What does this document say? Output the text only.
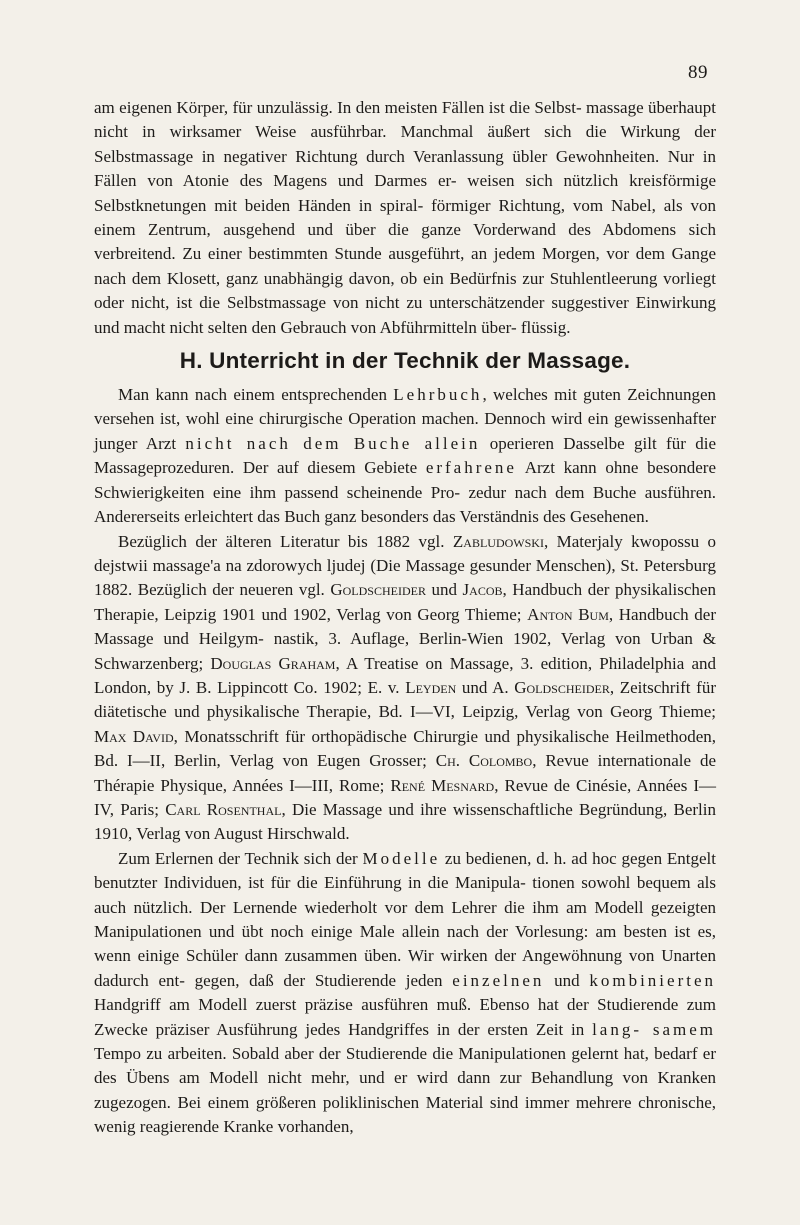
89

am eigenen Körper, für unzulässig. In den meisten Fällen ist die Selbst- massage überhaupt nicht in wirksamer Weise ausführbar. Manchmal äußert sich die Wirkung der Selbstmassage in negativer Richtung durch Veranlassung übler Gewohnheiten. Nur in Fällen von Atonie des Magens und Darmes er- weisen sich nützlich kreisförmige Selbstknetungen mit beiden Händen in spiral- förmiger Richtung, vom Nabel, als von einem Zentrum, ausgehend und über die ganze Vorderwand des Abdomens sich verbreitend. Zu einer bestimmten Stunde ausgeführt, an jedem Morgen, vor dem Gange nach dem Klosett, ganz unabhängig davon, ob ein Bedürfnis zur Stuhlentleerung vorliegt oder nicht, ist die Selbstmassage von nicht zu unterschätzender suggestiver Einwirkung und macht nicht selten den Gebrauch von Abführmitteln über- flüssig.

H. Unterricht in der Technik der Massage.

Man kann nach einem entsprechenden Lehrbuch, welches mit guten Zeichnungen versehen ist, wohl eine chirurgische Operation machen. Dennoch wird ein gewissenhafter junger Arzt nicht nach dem Buche allein operieren Dasselbe gilt für die Massageprozeduren. Der auf diesem Gebiete erfahrene Arzt kann ohne besondere Schwierigkeiten eine ihm passend scheinende Pro- zedur nach dem Buche ausführen. Andererseits erleichtert das Buch ganz besonders das Verständnis des Gesehenen.

Bezüglich der älteren Literatur bis 1882 vgl. Zabludowski, Materjaly kwopossu o dejstwii massage'a na zdorowych ljudej (Die Massage gesunder Menschen), St. Petersburg 1882. Bezüglich der neueren vgl. Goldscheider und Jacob, Handbuch der physikalischen Therapie, Leipzig 1901 und 1902, Verlag von Georg Thieme; Anton Bum, Handbuch der Massage und Heilgym- nastik, 3. Auflage, Berlin-Wien 1902, Verlag von Urban & Schwarzenberg; Douglas Graham, A Treatise on Massage, 3. edition, Philadelphia and London, by J. B. Lippincott Co. 1902; E. v. Leyden und A. Goldscheider, Zeitschrift für diätetische und physikalische Therapie, Bd. I—VI, Leipzig, Verlag von Georg Thieme; Max David, Monatsschrift für orthopädische Chirurgie und physikalische Heilmethoden, Bd. I—II, Berlin, Verlag von Eugen Grosser; Ch. Colombo, Revue internationale de Thérapie Physique, Années I—III, Rome; René Mesnard, Revue de Cinésie, Années I—IV, Paris; Carl Rosenthal, Die Massage und ihre wissenschaftliche Begründung, Berlin 1910, Verlag von August Hirschwald.

Zum Erlernen der Technik sich der Modelle zu bedienen, d. h. ad hoc gegen Entgelt benutzter Individuen, ist für die Einführung in die Manipula- tionen sowohl bequem als auch nützlich. Der Lernende wiederholt vor dem Lehrer die ihm am Modell gezeigten Manipulationen und übt noch einige Male allein nach der Vorlesung: am besten ist es, wenn einige Schüler dann zusammen üben. Wir wirken der Angewöhnung von Unarten dadurch ent- gegen, daß der Studierende jeden einzelnen und kombinierten Handgriff am Modell zuerst präzise ausführen muß. Ebenso hat der Studierende zum Zwecke präziser Ausführung jedes Handgriffes in der ersten Zeit in lang- samem Tempo zu arbeiten. Sobald aber der Studierende die Manipulationen gelernt hat, bedarf er des Übens am Modell nicht mehr, und er wird dann zur Behandlung von Kranken zugezogen. Bei einem größeren poliklinischen Material sind immer mehrere chronische, wenig reagierende Kranke vorhanden,
